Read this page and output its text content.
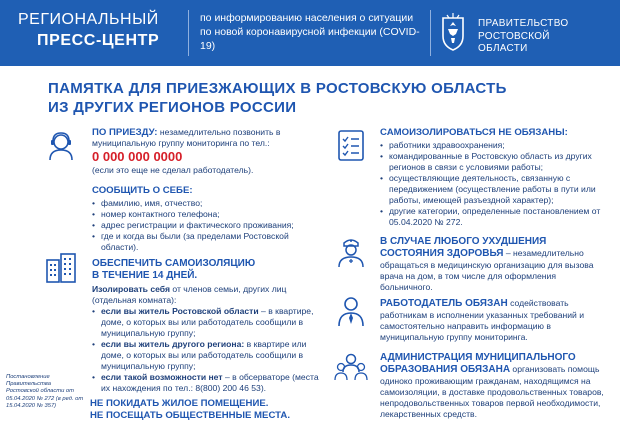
РЕГИОНАЛЬНЫЙ
ПРЕСС-ЦЕНТР
по информированию населения о ситуации по новой коронавирусной инфекции (COVID-19)
ПРАВИТЕЛЬСТВО
РОСТОВСКОЙ
ОБЛАСТИ
ПАМЯТКА ДЛЯ ПРИЕЗЖАЮЩИХ В РОСТОВСКУЮ ОБЛАСТЬ
ИЗ ДРУГИХ РЕГИОНОВ РОССИИ
ПО ПРИЕЗДУ: незамедлительно позвонить в муниципальную группу мониторинга по тел.:
0 000 000 0000
(если это еще не сделал работодатель).
СООБЩИТЬ О СЕБЕ:
• фамилию, имя, отчество;
• номер контактного телефона;
• адрес регистрации и фактического проживания;
• где и когда вы были (за пределами Ростовской области).
ОБЕСПЕЧИТЬ САМОИЗОЛЯЦИЮ
В ТЕЧЕНИЕ 14 ДНЕЙ.
Изолировать себя от членов семьи, других лиц (отдельная комната):
• если вы житель Ростовской области – в квартире, доме, о которых вы или работодатель сообщили в муниципальную группу;
• если вы житель другого региона: в квартире или доме, о которых вы или работодатель сообщили в муниципальную группу;
• если такой возможности нет – в обсерваторе (места их нахождения по тел.: 8(800) 200 46 53).
Постановление Правительства Ростовской области от 05.04.2020 № 272 (в ред. от 15.04.2020 № 357)	НЕ ПОКИДАТЬ ЖИЛОЕ ПОМЕЩЕНИЕ.
НЕ ПОСЕЩАТЬ ОБЩЕСТВЕННЫЕ МЕСТА.
САМОИЗОЛИРОВАТЬСЯ НЕ ОБЯЗАНЫ:
• работники здравоохранения;
• командированные в Ростовскую область из других регионов в связи с условиями работы;
• осуществляющие деятельность, связанную с передвижением (осуществление работы в пути или работы, имеющей разъездной характер);
• другие категории, определенные постановлением от 05.04.2020 № 272.
В СЛУЧАЕ ЛЮБОГО УХУДШЕНИЯ
СОСТОЯНИЯ ЗДОРОВЬЯ – незамедлительно обращаться в медицинскую организацию для вызова врача на дом, в том числе для оформления больничного.
РАБОТОДАТЕЛЬ ОБЯЗАН содействовать работникам в исполнении указанных требований и самостоятельно направить информацию в муниципальную группу мониторинга.
АДМИНИСТРАЦИЯ МУНИЦИПАЛЬНОГО
ОБРАЗОВАНИЯ ОБЯЗАНА организовать помощь одиноко проживающим гражданам, находящимся на самоизоляции, в доставке продовольственных товаров, непродовольственных товаров первой необходимости, лекарственных средств.
